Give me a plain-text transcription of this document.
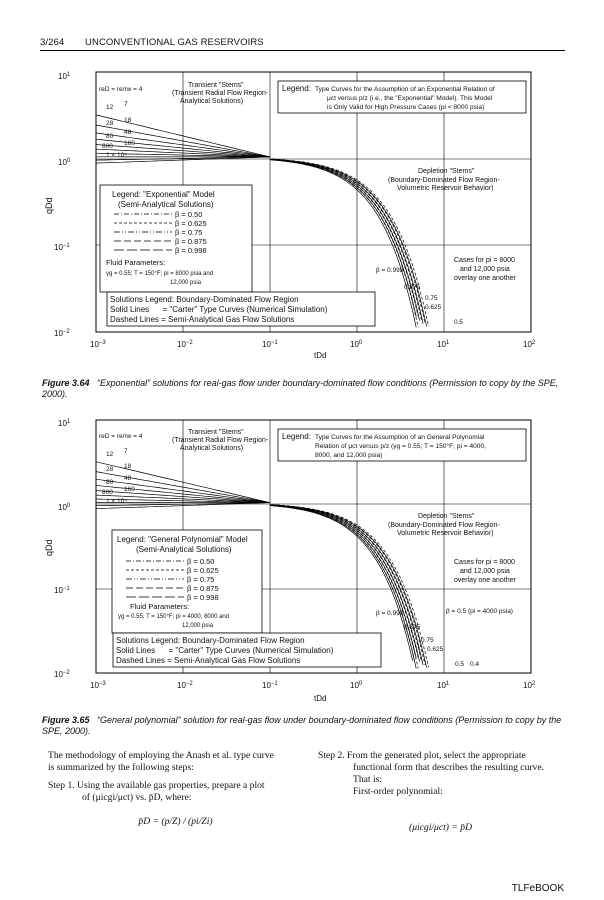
3/264 UNCONVENTIONAL GAS RESERVOIRS
$10^1$
$10^0$
$10^{-1}$
$10^{-2}$
$10^{-3}$	$10^{-2}$	$10^{-1}$	$10^0$	$10^1$	$10^2$
qDd
tDd
Transient "Stems"
(Transient Radial Flow Region-
Analytical Solutions)
reD = re/rw = 4
12 7
28 18
80
48
800 160
1 × 10⁴
Legend: Type Curves for the Assumption of an Exponential Relation of
μct versus p/z (i.e., the "Exponential" Model). This Model
is Only Valid for High Pressure Cases (pi < 8000 psia)
Depletion "Stems"
(Boundary-Dominated Flow Region-
Volumetric Reservoir Behavior)
Legend: "Exponential" Model
(Semi-Analytical Solutions)
β = 0.50
β = 0.625
β = 0.75
β = 0.875
β = 0.998
Fluid Parameters:
γg = 0.55; T = 150°F; pi = 8000 psia and
12,000 psia
Cases for pi = 8000
and 12,000 psia
overlay one another
β = 0.998
0.875
0.75
0.625
0.5
Solutions Legend: Boundary-Dominated Flow Region
Solid Lines      = "Carter" Type Curves (Numerical Simulation)
Dashed Lines = Semi-Analytical Gas Flow Solutions
Figure 3.64 “Exponential” solutions for real-gas flow under boundary-dominated flow conditions (Permission to copy by the SPE, 2000).
$10^1$
$10^0$
$10^{-1}$
$10^{-2}$
$10^{-3}$	$10^{-2}$	$10^{-1}$	$10^0$	$10^1$	$10^2$
qDd
tDd
Transient "Stems"
(Transient Radial Flow Region-
Analytical Solutions)
reD = re/rw = 4
12 7
28 18
80
48
800 160
1 × 10⁴
Legend: Type Curves for the Assumption of an General Polynomial
Relation of μct versus p/z (γg = 0.55; T = 150°F; pi = 4000,
8000, and 12,000 psia)
Depletion "Stems"
(Boundary-Dominated Flow Region-
Volumetric Reservoir Behavior)
Legend: "General Polynomial" Model
(Semi-Analytical Solutions)
β = 0.50
β = 0.625
β = 0.75
β = 0.875
β = 0.998
Fluid Parameters:
γg = 0.55; T = 150°F; pi = 4000, 8000 and
12,000 psia
Cases for pi = 8000
and 12,000 psia
overlay one another
β = 0.5 (pi = 4000 psia)
β = 0.998
0.875
0.75
0.625
0.5 0.4
Solutions Legend: Boundary-Dominated Flow Region
Solid Lines      = "Carter" Type Curves (Numerical Simulation)
Dashed Lines = Semi-Analytical Gas Flow Solutions
Figure 3.65 “General polynomial” solution for real-gas flow under boundary-dominated flow conditions (Permission to copy by the SPE, 2000).
The methodology of employing the Anash et al. type curve
is summarized by the following steps:
Step 1. Using the available gas properties, prepare a plot
of (μicgi/μct) vs. p̄D, where:
p̄D = (p/Z) / (pi/Zi)
Step 2. From the generated plot, select the appropriate
functional form that describes the resulting curve.
That is:
First-order polynomial:
(μicgi/μct) = p̄D
TLFeBOOK
